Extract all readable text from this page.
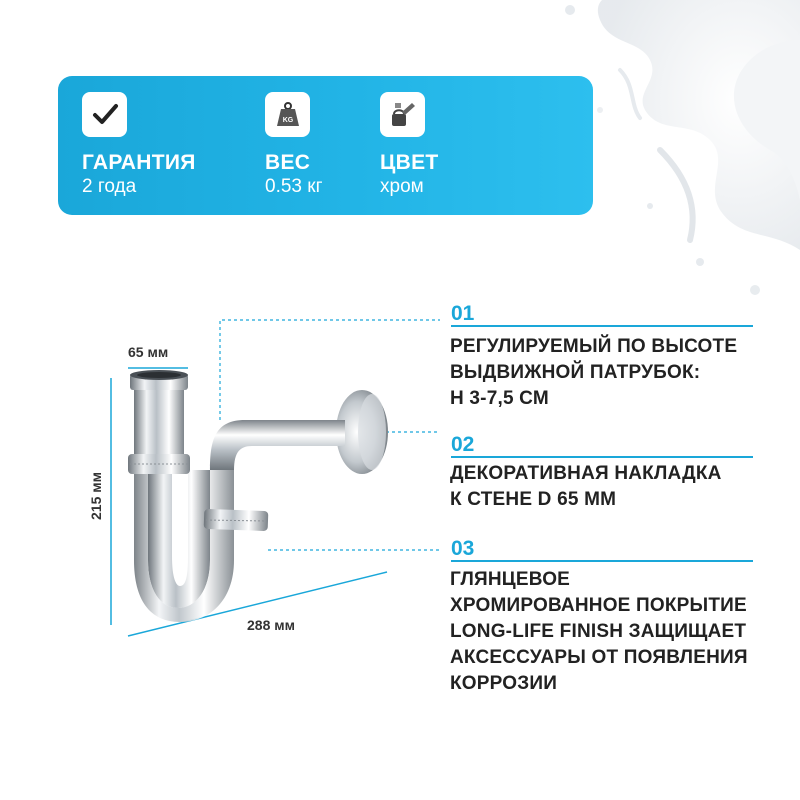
ГАРАНТИЯ
2 года
KG
ВЕС
0.53 кг
ЦВЕТ
хром
65 мм
215 мм
288 мм
01
РЕГУЛИРУЕМЫЙ ПО ВЫСОТЕ
ВЫДВИЖНОЙ ПАТРУБОК:
Н 3-7,5 СМ
02
ДЕКОРАТИВНАЯ НАКЛАДКА
К СТЕНЕ D 65 ММ
03
ГЛЯНЦЕВОЕ
ХРОМИРОВАННОЕ ПОКРЫТИЕ
LONG-LIFE FINISH ЗАЩИЩАЕТ
АКСЕССУАРЫ ОТ ПОЯВЛЕНИЯ
КОРРОЗИИ
